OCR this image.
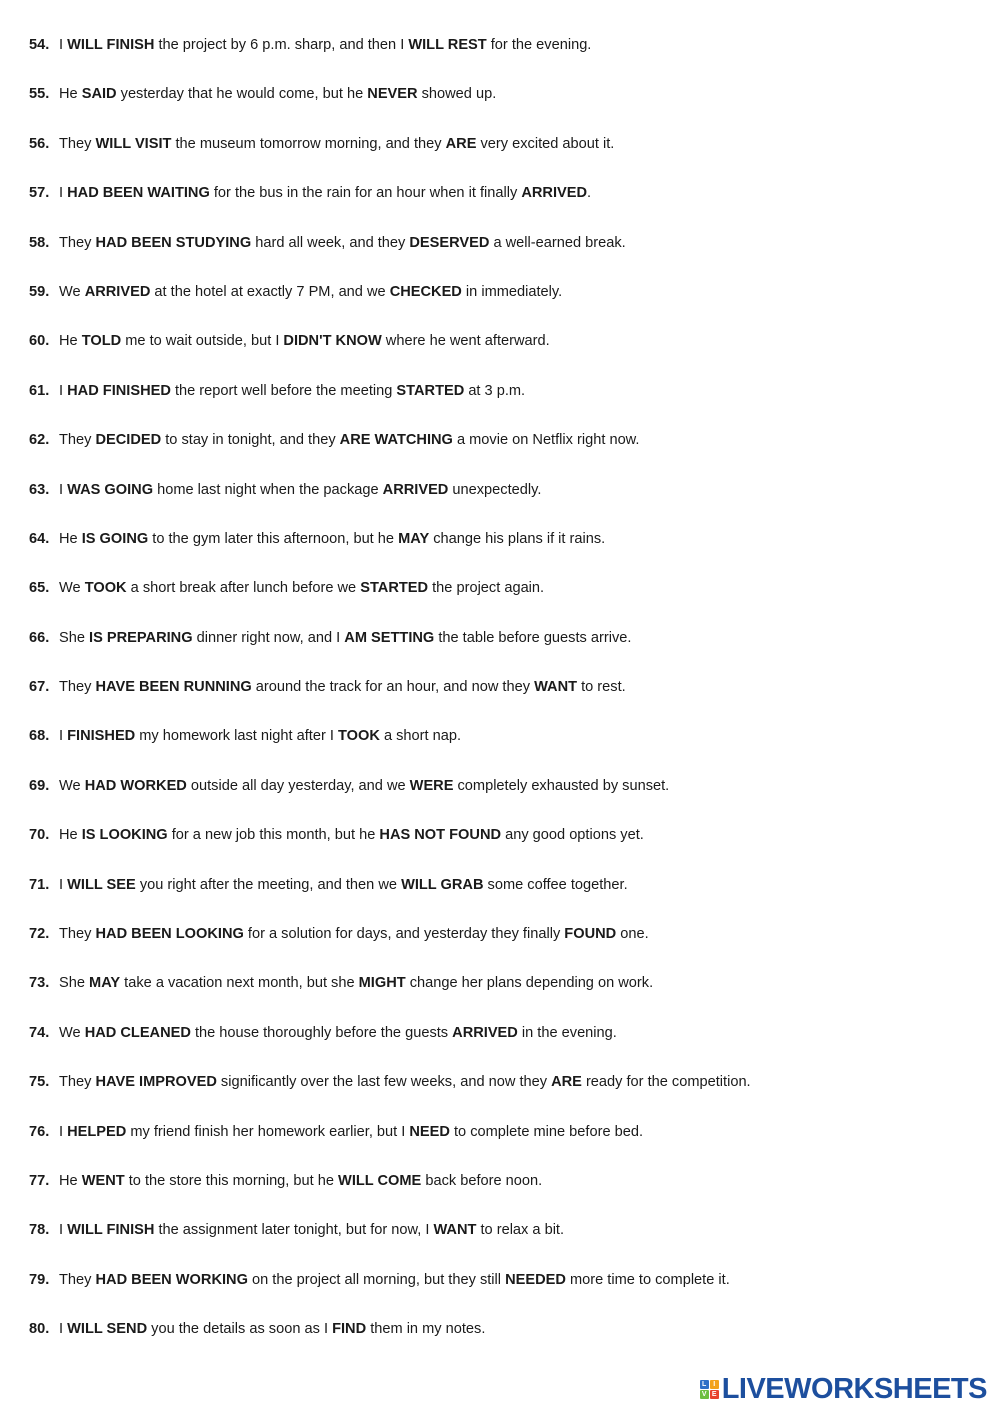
54. I WILL FINISH the project by 6 p.m. sharp, and then I WILL REST for the evening.
55. He SAID yesterday that he would come, but he NEVER showed up.
56. They WILL VISIT the museum tomorrow morning, and they ARE very excited about it.
57. I HAD BEEN WAITING for the bus in the rain for an hour when it finally ARRIVED.
58. They HAD BEEN STUDYING hard all week, and they DESERVED a well-earned break.
59. We ARRIVED at the hotel at exactly 7 PM, and we CHECKED in immediately.
60. He TOLD me to wait outside, but I DIDN'T KNOW where he went afterward.
61. I HAD FINISHED the report well before the meeting STARTED at 3 p.m.
62. They DECIDED to stay in tonight, and they ARE WATCHING a movie on Netflix right now.
63. I WAS GOING home last night when the package ARRIVED unexpectedly.
64. He IS GOING to the gym later this afternoon, but he MAY change his plans if it rains.
65. We TOOK a short break after lunch before we STARTED the project again.
66. She IS PREPARING dinner right now, and I AM SETTING the table before guests arrive.
67. They HAVE BEEN RUNNING around the track for an hour, and now they WANT to rest.
68. I FINISHED my homework last night after I TOOK a short nap.
69. We HAD WORKED outside all day yesterday, and we WERE completely exhausted by sunset.
70. He IS LOOKING for a new job this month, but he HAS NOT FOUND any good options yet.
71. I WILL SEE you right after the meeting, and then we WILL GRAB some coffee together.
72. They HAD BEEN LOOKING for a solution for days, and yesterday they finally FOUND one.
73. She MAY take a vacation next month, but she MIGHT change her plans depending on work.
74. We HAD CLEANED the house thoroughly before the guests ARRIVED in the evening.
75. They HAVE IMPROVED significantly over the last few weeks, and now they ARE ready for the competition.
76. I HELPED my friend finish her homework earlier, but I NEED to complete mine before bed.
77. He WENT to the store this morning, but he WILL COME back before noon.
78. I WILL FINISH the assignment later tonight, but for now, I WANT to relax a bit.
79. They HAD BEEN WORKING on the project all morning, but they still NEEDED more time to complete it.
80. I WILL SEND you the details as soon as I FIND them in my notes.
L I
V E LIVEWORKSHEETS
